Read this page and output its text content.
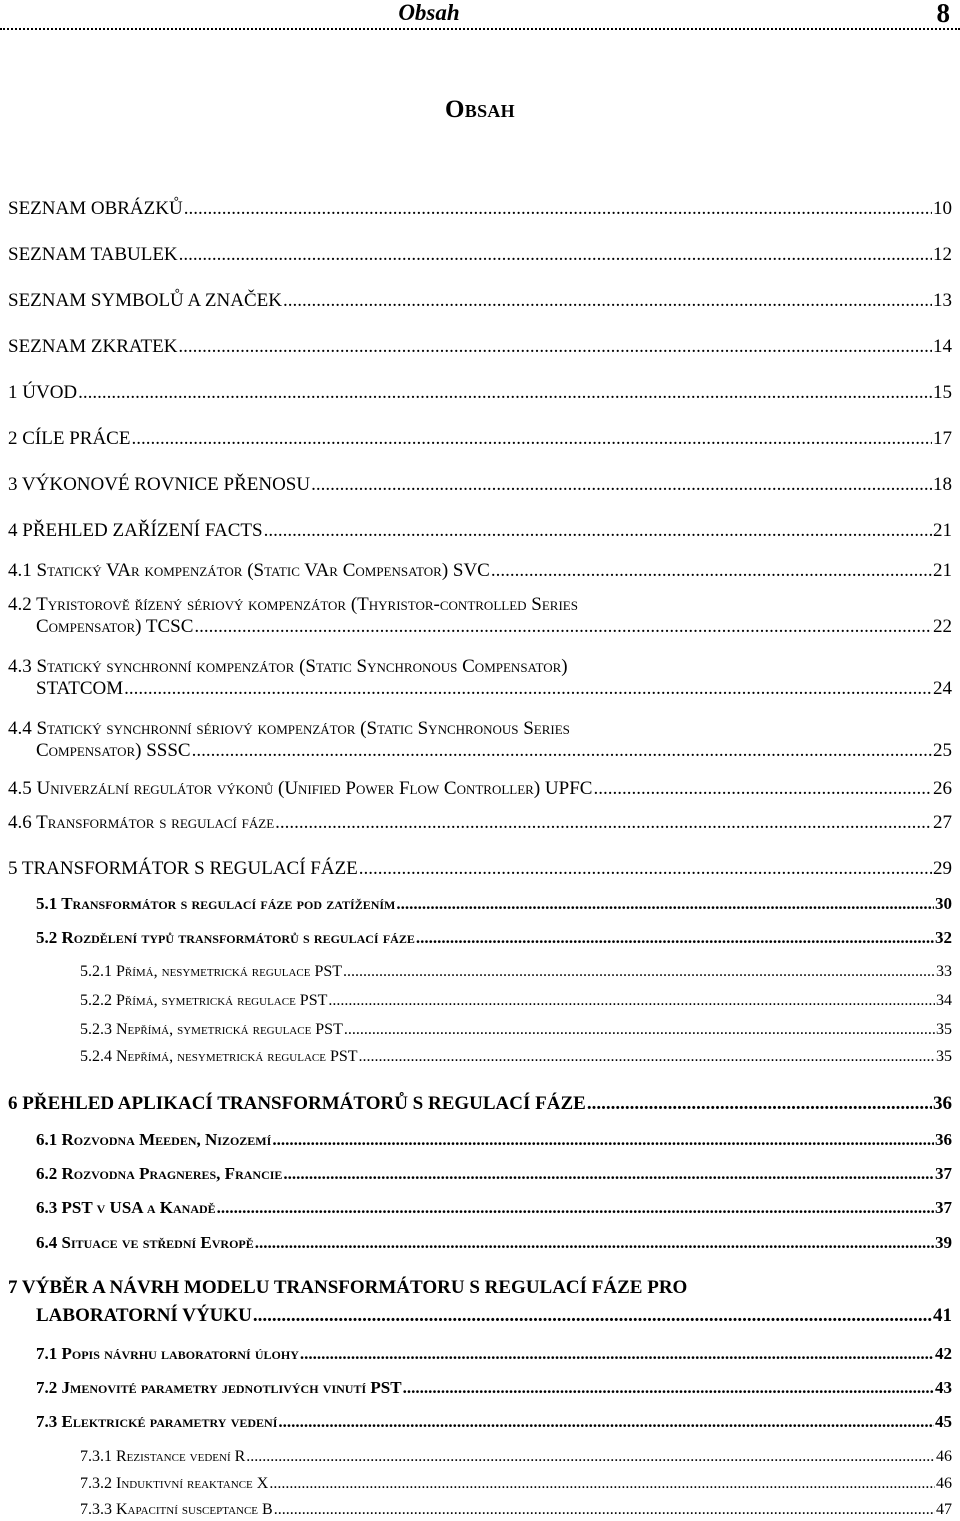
Obsah	8
Obsah
SEZNAM OBRÁZKŮ .....	10
SEZNAM TABULEK .....	12
SEZNAM SYMBOLŮ A ZNAČEK .....	13
SEZNAM ZKRATEK .....	14
1 ÚVOD .....	15
2 CÍLE PRÁCE .....	17
3 VÝKONOVÉ ROVNICE PŘENOSU .....	18
4 PŘEHLED ZAŘÍZENÍ FACTS .....	21
4.1 Statický VAr kompenzátor (Static VAr Compensator) SVC .....	21
4.2 Tyristorově řízený sériový kompenzátor (Thyristor-controlled Series
Compensator) TCSC .....	22
4.3 Statický synchronní kompenzátor (Static Synchronous Compensator)
STATCOM .....	24
4.4 Statický synchronní sériový kompenzátor (Static Synchronous Series
Compensator) SSSC .....	25
4.5 Univerzální regulátor výkonů (Unified Power Flow Controller) UPFC .....	26
4.6 Transformátor s regulací fáze .....	27
5 TRANSFORMÁTOR S REGULACÍ FÁZE .....	29
5.1 Transformátor s regulací fáze pod zatížením .....	30
5.2 Rozdělení typů transformátorů s regulací fáze .....	32
5.2.1 Přímá, nesymetrická regulace PST .....	33
5.2.2 Přímá, symetrická regulace PST .....	34
5.2.3 Nepřímá, symetrická regulace PST .....	35
5.2.4 Nepřímá, nesymetrická regulace PST .....	35
6 PŘEHLED APLIKACÍ TRANSFORMÁTORŮ S REGULACÍ FÁZE .....	36
6.1 Rozvodna Meeden, Nizozemí .....	36
6.2 Rozvodna Pragneres, Francie .....	37
6.3 PST v USA a Kanadě .....	37
6.4 Situace ve střední Evropě .....	39
7 VÝBĚR A NÁVRH MODELU TRANSFORMÁTORU S REGULACÍ FÁZE PRO
LABORATORNÍ VÝUKU .....	41
7.1 Popis návrhu laboratorní úlohy .....	42
7.2 Jmenovité parametry jednotlivých vinutí PST .....	43
7.3 Elektrické parametry vedení .....	45
7.3.1 Rezistance vedení R .....	46
7.3.2 Induktivní reaktance X .....	46
7.3.3 Kapacitní susceptance B .....	47
